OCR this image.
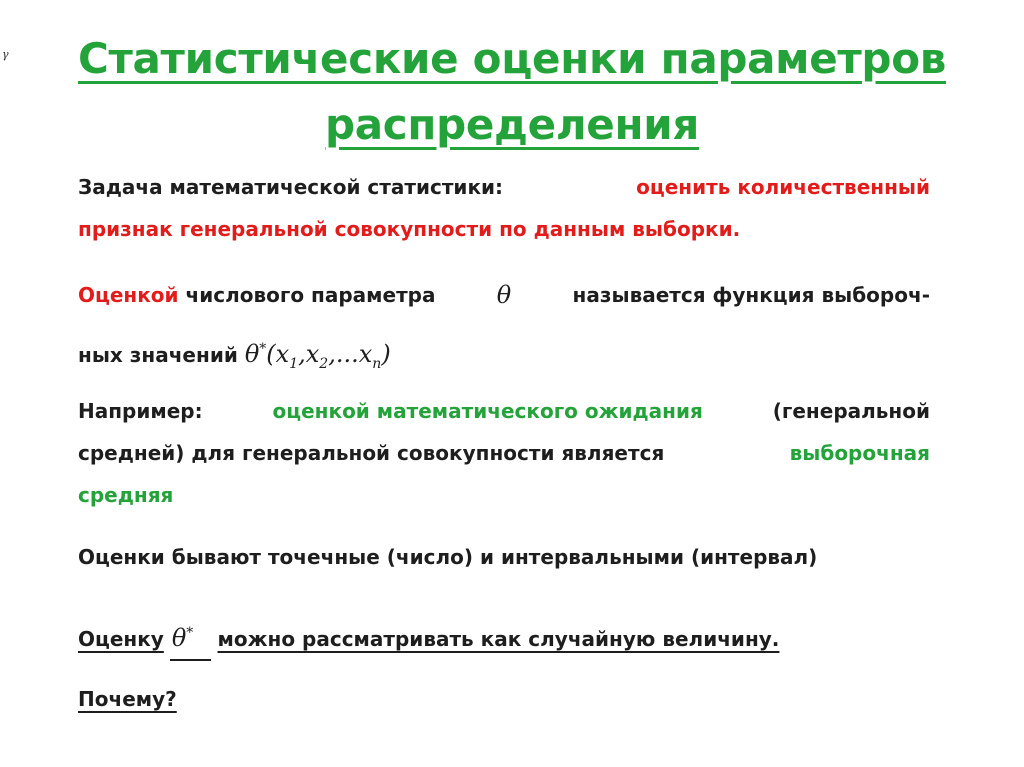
γ	Статистические оценки параметров
распределения
Задача математической статистики:	оценить количественный
признак генеральной совокупности по данным выборки.
Оценкой числового параметра	θ	называется функция выбороч-
ных значений $\theta^*(x_1,x_2,...x_n)$
Например:	оценкой математического ожидания	(генеральной
средней) для генеральной совокупности является	выборочная
средняя
Оценки бывают точечные (число) и интервальными (интервал)
Оценку θ* можно рассматривать как случайную величину.
Почему?
